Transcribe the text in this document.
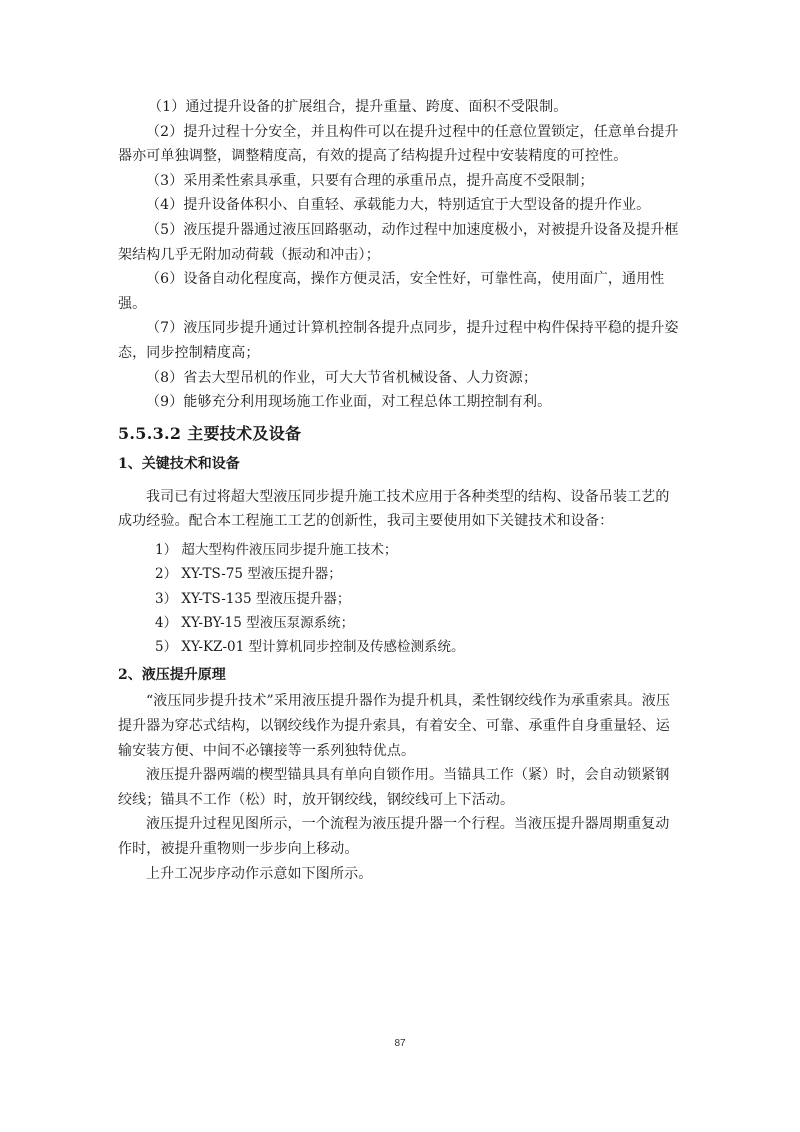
（1）通过提升设备的扩展组合，提升重量、跨度、面积不受限制。

（2）提升过程十分安全，并且构件可以在提升过程中的任意位置锁定，任意单台提升器亦可单独调整，调整精度高，有效的提高了结构提升过程中安装精度的可控性。

（3）采用柔性索具承重，只要有合理的承重吊点，提升高度不受限制；

（4）提升设备体积小、自重轻、承载能力大，特别适宜于大型设备的提升作业。

（5）液压提升器通过液压回路驱动，动作过程中加速度极小，对被提升设备及提升框架结构几乎无附加动荷载（振动和冲击）；

（6）设备自动化程度高，操作方便灵活，安全性好，可靠性高，使用面广，通用性强。

（7）液压同步提升通过计算机控制各提升点同步，提升过程中构件保持平稳的提升姿态，同步控制精度高；

（8）省去大型吊机的作业，可大大节省机械设备、人力资源；

（9）能够充分利用现场施工作业面，对工程总体工期控制有利。

5.5.3.2 主要技术及设备
1、关键技术和设备

我司已有过将超大型液压同步提升施工技术应用于各种类型的结构、设备吊装工艺的成功经验。配合本工程施工工艺的创新性，我司主要使用如下关键技术和设备：

1） 超大型构件液压同步提升施工技术；
2） XY-TS-75 型液压提升器；
3） XY-TS-135 型液压提升器；
4） XY-BY-15 型液压泵源系统；
5） XY-KZ-01 型计算机同步控制及传感检测系统。
2、液压提升原理

“液压同步提升技术”采用液压提升器作为提升机具，柔性钢绞线作为承重索具。液压提升器为穿芯式结构，以钢绞线作为提升索具，有着安全、可靠、承重件自身重量轻、运输安装方便、中间不必镶接等一系列独特优点。

液压提升器两端的楔型锚具具有单向自锁作用。当锚具工作（紧）时，会自动锁紧钢绞线；锚具不工作（松）时，放开钢绞线，钢绞线可上下活动。

液压提升过程见图所示，一个流程为液压提升器一个行程。当液压提升器周期重复动作时，被提升重物则一步步向上移动。

上升工况步序动作示意如下图所示。

87
